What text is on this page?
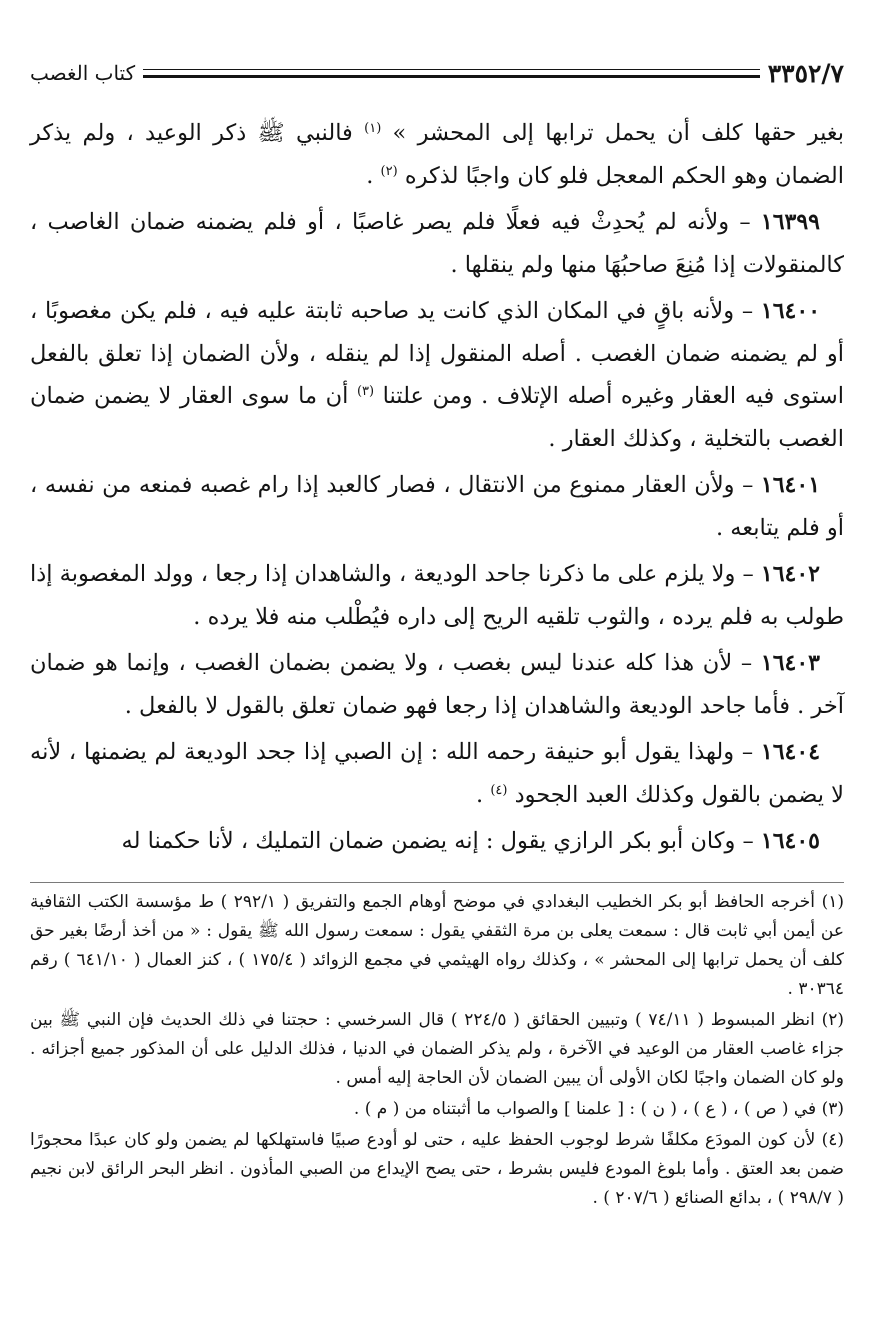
٣٣٥٢/٧
كتاب الغصب

بغير حقها كلف أن يحمل ترابها إلى المحشر » $^{(١)}$ فالنبي ﷺ ذكر الوعيد ، ولم يذكر الضمان وهو الحكم المعجل فلو كان واجبًا لذكره $^{(٢)}$ .

١٦٣٩٩ – ولأنه لم يُحدِثْ فيه فعلًا فلم يصر غاصبًا ، أو فلم يضمنه ضمان الغاصب ، كالمنقولات إذا مُنِعَ صاحبُهَا منها ولم ينقلها .

١٦٤٠٠ – ولأنه باقٍ في المكان الذي كانت يد صاحبه ثابتة عليه فيه ، فلم يكن مغصوبًا ، أو لم يضمنه ضمان الغصب . أصله المنقول إذا لم ينقله ، ولأن الضمان إذا تعلق بالفعل استوى فيه العقار وغيره أصله الإتلاف . ومن علتنا $^{(٣)}$ أن ما سوى العقار لا يضمن ضمان الغصب بالتخلية ، وكذلك العقار .

١٦٤٠١ – ولأن العقار ممنوع من الانتقال ، فصار كالعبد إذا رام غصبه فمنعه من نفسه ، أو فلم يتابعه .

١٦٤٠٢ – ولا يلزم على ما ذكرنا جاحد الوديعة ، والشاهدان إذا رجعا ، وولد المغصوبة إذا طولب به فلم يرده ، والثوب تلقيه الريح إلى داره فيُطْلب منه فلا يرده .

١٦٤٠٣ – لأن هذا كله عندنا ليس بغصب ، ولا يضمن بضمان الغصب ، وإنما هو ضمان آخر . فأما جاحد الوديعة والشاهدان إذا رجعا فهو ضمان تعلق بالقول لا بالفعل .

١٦٤٠٤ – ولهذا يقول أبو حنيفة رحمه الله : إن الصبي إذا جحد الوديعة لم يضمنها ، لأنه لا يضمن بالقول وكذلك العبد الجحود $^{(٤)}$ .

١٦٤٠٥ – وكان أبو بكر الرازي يقول : إنه يضمن ضمان التمليك ، لأنا حكمنا له

(١) أخرجه الحافظ أبو بكر الخطيب البغدادي في موضح أوهام الجمع والتفريق ( ٢٩٢/١ ) ط مؤسسة الكتب الثقافية عن أيمن أبي ثابت قال : سمعت يعلى بن مرة الثقفي يقول : سمعت رسول الله ﷺ يقول : « من أخذ أرضًا بغير حق كلف أن يحمل ترابها إلى المحشر » ، وكذلك رواه الهيثمي في مجمع الزوائد ( ١٧٥/٤ ) ، كنز العمال ( ٦٤١/١٠ ) رقم ٣٠٣٦٤ .

(٢) انظر المبسوط ( ٧٤/١١ ) وتبيين الحقائق ( ٢٢٤/٥ ) قال السرخسي : حجتنا في ذلك الحديث فإن النبي ﷺ بين جزاء غاصب العقار من الوعيد في الآخرة ، ولم يذكر الضمان في الدنيا ، فذلك الدليل على أن المذكور جميع أجزائه . ولو كان الضمان واجبًا لكان الأولى أن يبين الضمان لأن الحاجة إليه أمس .

(٣) في ( ص ) ، ( ع ) ، ( ن ) : [ علمنا ] والصواب ما أثبتناه من ( م ) .

(٤) لأن كون المودَع مكلفًا شرط لوجوب الحفظ عليه ، حتى لو أودع صبيًا فاستهلكها لم يضمن ولو كان عبدًا محجورًا ضمن بعد العتق . وأما بلوغ المودع فليس بشرط ، حتى يصح الإيداع من الصبي المأذون . انظر البحر الرائق لابن نجيم ( ٢٩٨/٧ ) ، بدائع الصنائع ( ٢٠٧/٦ ) .
